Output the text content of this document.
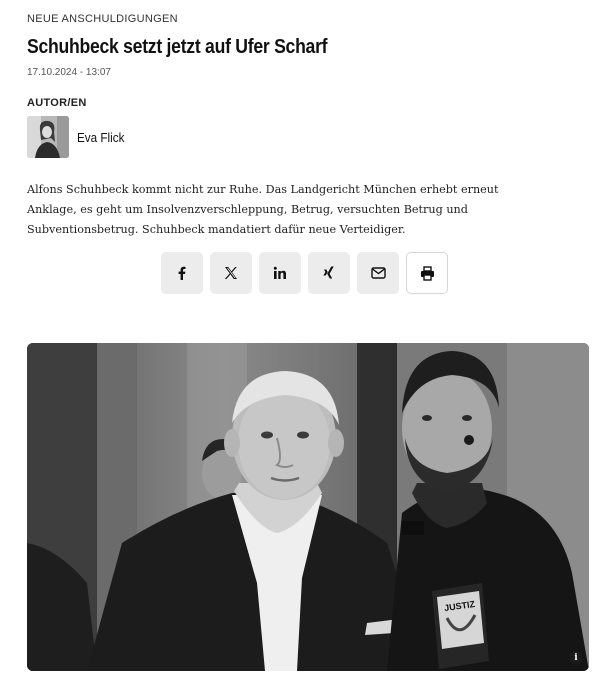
NEUE ANSCHULDIGUNGEN
Schuhbeck setzt jetzt auf Ufer Scharf
17.10.2024 - 13:07
AUTOR/EN
Eva Flick

Alfons Schuhbeck kommt nicht zur Ruhe. Das Landgericht München erhebt erneut
Anklage, es geht um Insolvenzverschleppung, Betrug, versuchten Betrug und
Subventionsbetrug. Schuhbeck mandatiert dafür neue Verteidiger.

JUSTIZ
i
